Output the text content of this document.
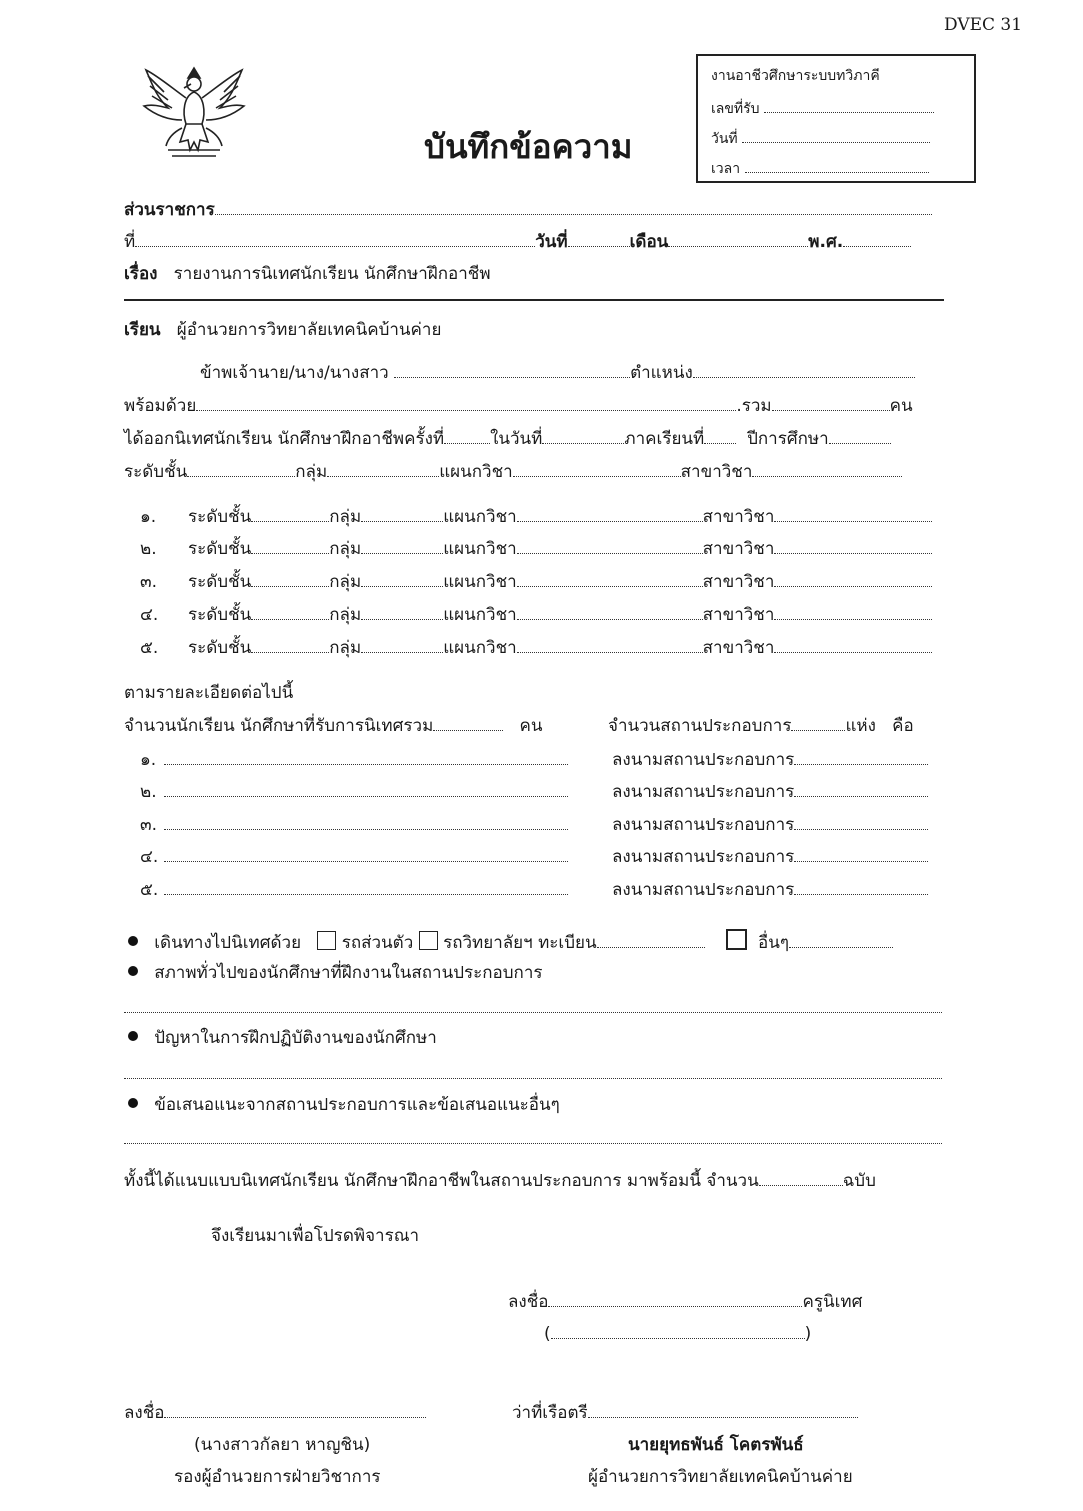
DVEC 31
บันทึกข้อความ
งานอาชีวศึกษาระบบทวิภาคี
เลขที่รับ
วันที่
เวลา
ส่วนราชการ
ที่	วันที่	เดือน	พ.ศ.
เรื่อง รายงานการนิเทศนักเรียน นักศึกษาฝึกอาชีพ
เรียน ผู้อำนวยการวิทยาลัยเทคนิคบ้านค่าย
ข้าพเจ้านาย/นาง/นางสาว	ตำแหน่ง
พร้อมด้วย	.รวม	คน
ได้ออกนิเทศนักเรียน นักศึกษาฝึกอาชีพครั้งที่	ในวันที่	ภาคเรียนที่	ปีการศึกษา
ระดับชั้น	กลุ่ม	แผนกวิชา	สาขาวิชา
๑. ระดับชั้น	กลุ่ม	แผนกวิชา	สาขาวิชา
๒. ระดับชั้น	กลุ่ม	แผนกวิชา	สาขาวิชา
๓. ระดับชั้น	กลุ่ม	แผนกวิชา	สาขาวิชา
๔. ระดับชั้น	กลุ่ม	แผนกวิชา	สาขาวิชา
๕. ระดับชั้น	กลุ่ม	แผนกวิชา	สาขาวิชา
ตามรายละเอียดต่อไปนี้
จำนวนนักเรียน นักศึกษาที่รับการนิเทศรวม	คน	จำนวนสถานประกอบการ	แห่ง คือ
๑.	ลงนามสถานประกอบการ
๒.	ลงนามสถานประกอบการ
๓.	ลงนามสถานประกอบการ
๔.	ลงนามสถานประกอบการ
๕.	ลงนามสถานประกอบการ
เดินทางไปนิเทศด้วย รถส่วนตัว รถวิทยาลัยฯ ทะเบียน	อื่นๆ
สภาพทั่วไปของนักศึกษาที่ฝึกงานในสถานประกอบการ
ปัญหาในการฝึกปฏิบัติงานของนักศึกษา
ข้อเสนอแนะจากสถานประกอบการและข้อเสนอแนะอื่นๆ
ทั้งนี้ได้แนบแบบนิเทศนักเรียน นักศึกษาฝึกอาชีพในสถานประกอบการ มาพร้อมนี้ จำนวน	ฉบับ
จึงเรียนมาเพื่อโปรดพิจารณา
ลงชื่อ	ครูนิเทศ
(	)
ลงชื่อ
(นางสาวกัลยา หาญชิน)
รองผู้อำนวยการฝ่ายวิชาการ
ว่าที่เรือตรี
นายยุทธพันธ์ โคตรพันธ์
ผู้อำนวยการวิทยาลัยเทคนิคบ้านค่าย
